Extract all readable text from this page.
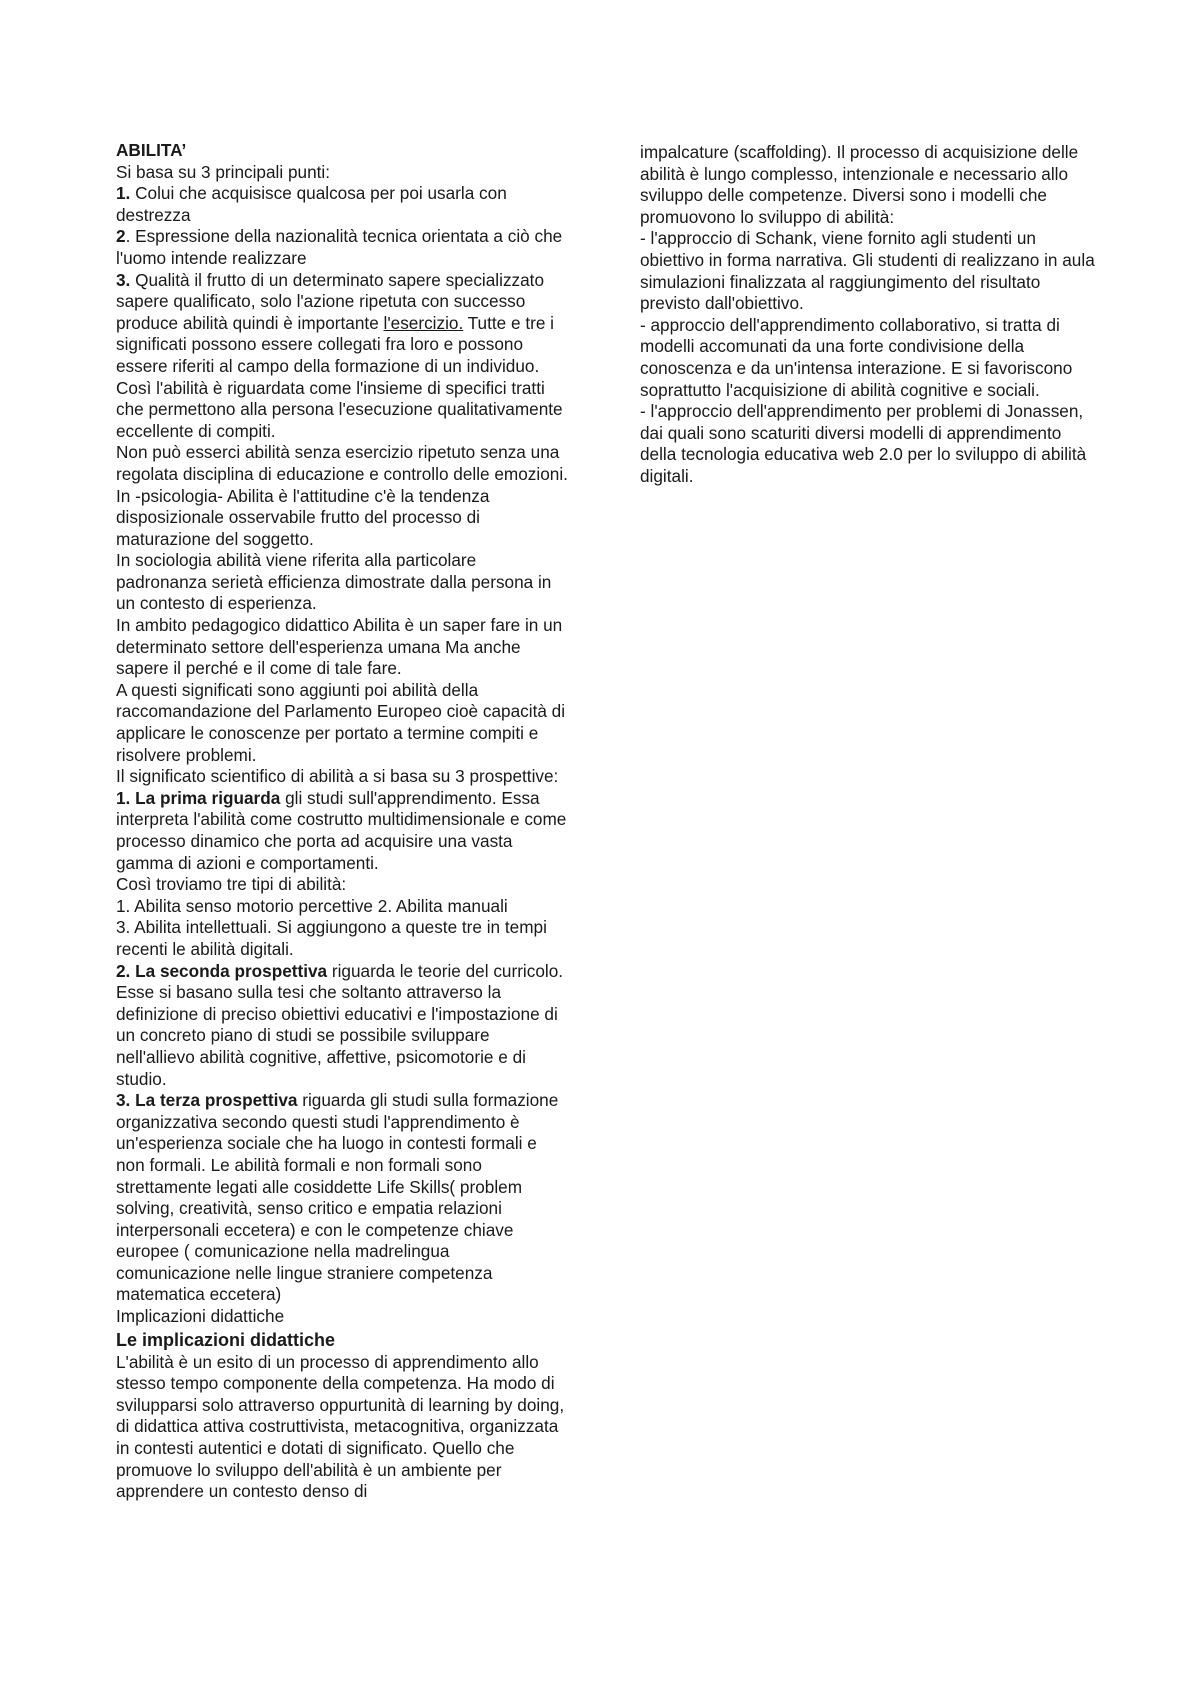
ABILITA’

Si basa su 3 principali punti:

1. Colui che acquisisce qualcosa per poi usarla con destrezza

2. Espressione della nazionalità tecnica orientata a ciò che l'uomo intende realizzare

3. Qualità il frutto di un determinato sapere specializzato sapere qualificato, solo l'azione ripetuta con successo produce abilità quindi è importante l'esercizio. Tutte e tre i significati possono essere collegati fra loro e possono essere riferiti al campo della formazione di un individuo.

Così l'abilità è riguardata come l'insieme di specifici tratti che permettono alla persona l'esecuzione qualitativamente eccellente di compiti.

Non può esserci abilità senza esercizio ripetuto senza una regolata disciplina di educazione e controllo delle emozioni.

In -psicologia- Abilita è l'attitudine c'è la tendenza disposizionale osservabile frutto del processo di maturazione del soggetto.

In sociologia abilità viene riferita alla particolare padronanza serietà efficienza dimostrate dalla persona in un contesto di esperienza.

In ambito pedagogico didattico Abilita è un saper fare in un determinato settore dell'esperienza umana Ma anche sapere il perché e il come di tale fare.

A questi significati sono aggiunti poi abilità della raccomandazione del Parlamento Europeo cioè capacità di applicare le conoscenze per portato a termine compiti e risolvere problemi.

Il significato scientifico di abilità a si basa su 3 prospettive:

1. La prima riguarda gli studi sull'apprendimento. Essa interpreta l'abilità come costrutto multidimensionale e come processo dinamico che porta ad acquisire una vasta gamma di azioni e comportamenti.

Così troviamo tre tipi di abilità:

1. Abilita senso motorio percettive 2. Abilita manuali

3. Abilita intellettuali. Si aggiungono a queste tre in tempi recenti le abilità digitali.

2. La seconda prospettiva riguarda le teorie del curricolo. Esse si basano sulla tesi che soltanto attraverso la definizione di preciso obiettivi educativi e l'impostazione di un concreto piano di studi se possibile sviluppare nell'allievo abilità cognitive, affettive, psicomotorie e di studio.

3. La terza prospettiva riguarda gli studi sulla formazione organizzativa secondo questi studi l'apprendimento è un'esperienza sociale che ha luogo in contesti formali e non formali. Le abilità formali e non formali sono strettamente legati alle cosiddette Life Skills( problem solving, creatività, senso critico e empatia relazioni interpersonali eccetera) e con le competenze chiave europee ( comunicazione nella madrelingua comunicazione nelle lingue straniere competenza matematica eccetera)

Implicazioni didattiche

Le implicazioni didattiche

L'abilità è un esito di un processo di apprendimento allo stesso tempo componente della competenza. Ha modo di svilupparsi solo attraverso oppurtunità di learning by doing, di didattica attiva costruttivista, metacognitiva, organizzata in contesti autentici e dotati di significato. Quello che promuove lo sviluppo dell'abilità è un ambiente per apprendere un contesto denso di

impalcature (scaffolding). Il processo di acquisizione delle abilità è lungo complesso, intenzionale e necessario allo sviluppo delle competenze. Diversi sono i modelli che promuovono lo sviluppo di abilità:

- l'approccio di Schank, viene fornito agli studenti un obiettivo in forma narrativa. Gli studenti di realizzano in aula simulazioni finalizzata al raggiungimento del risultato previsto dall'obiettivo.

- approccio dell'apprendimento collaborativo, si tratta di modelli accomunati da una forte condivisione della conoscenza e da un'intensa interazione. E si favoriscono soprattutto l'acquisizione di abilità cognitive e sociali.

- l'approccio dell'apprendimento per problemi di Jonassen, dai quali sono scaturiti diversi modelli di apprendimento della tecnologia educativa web 2.0 per lo sviluppo di abilità digitali.
